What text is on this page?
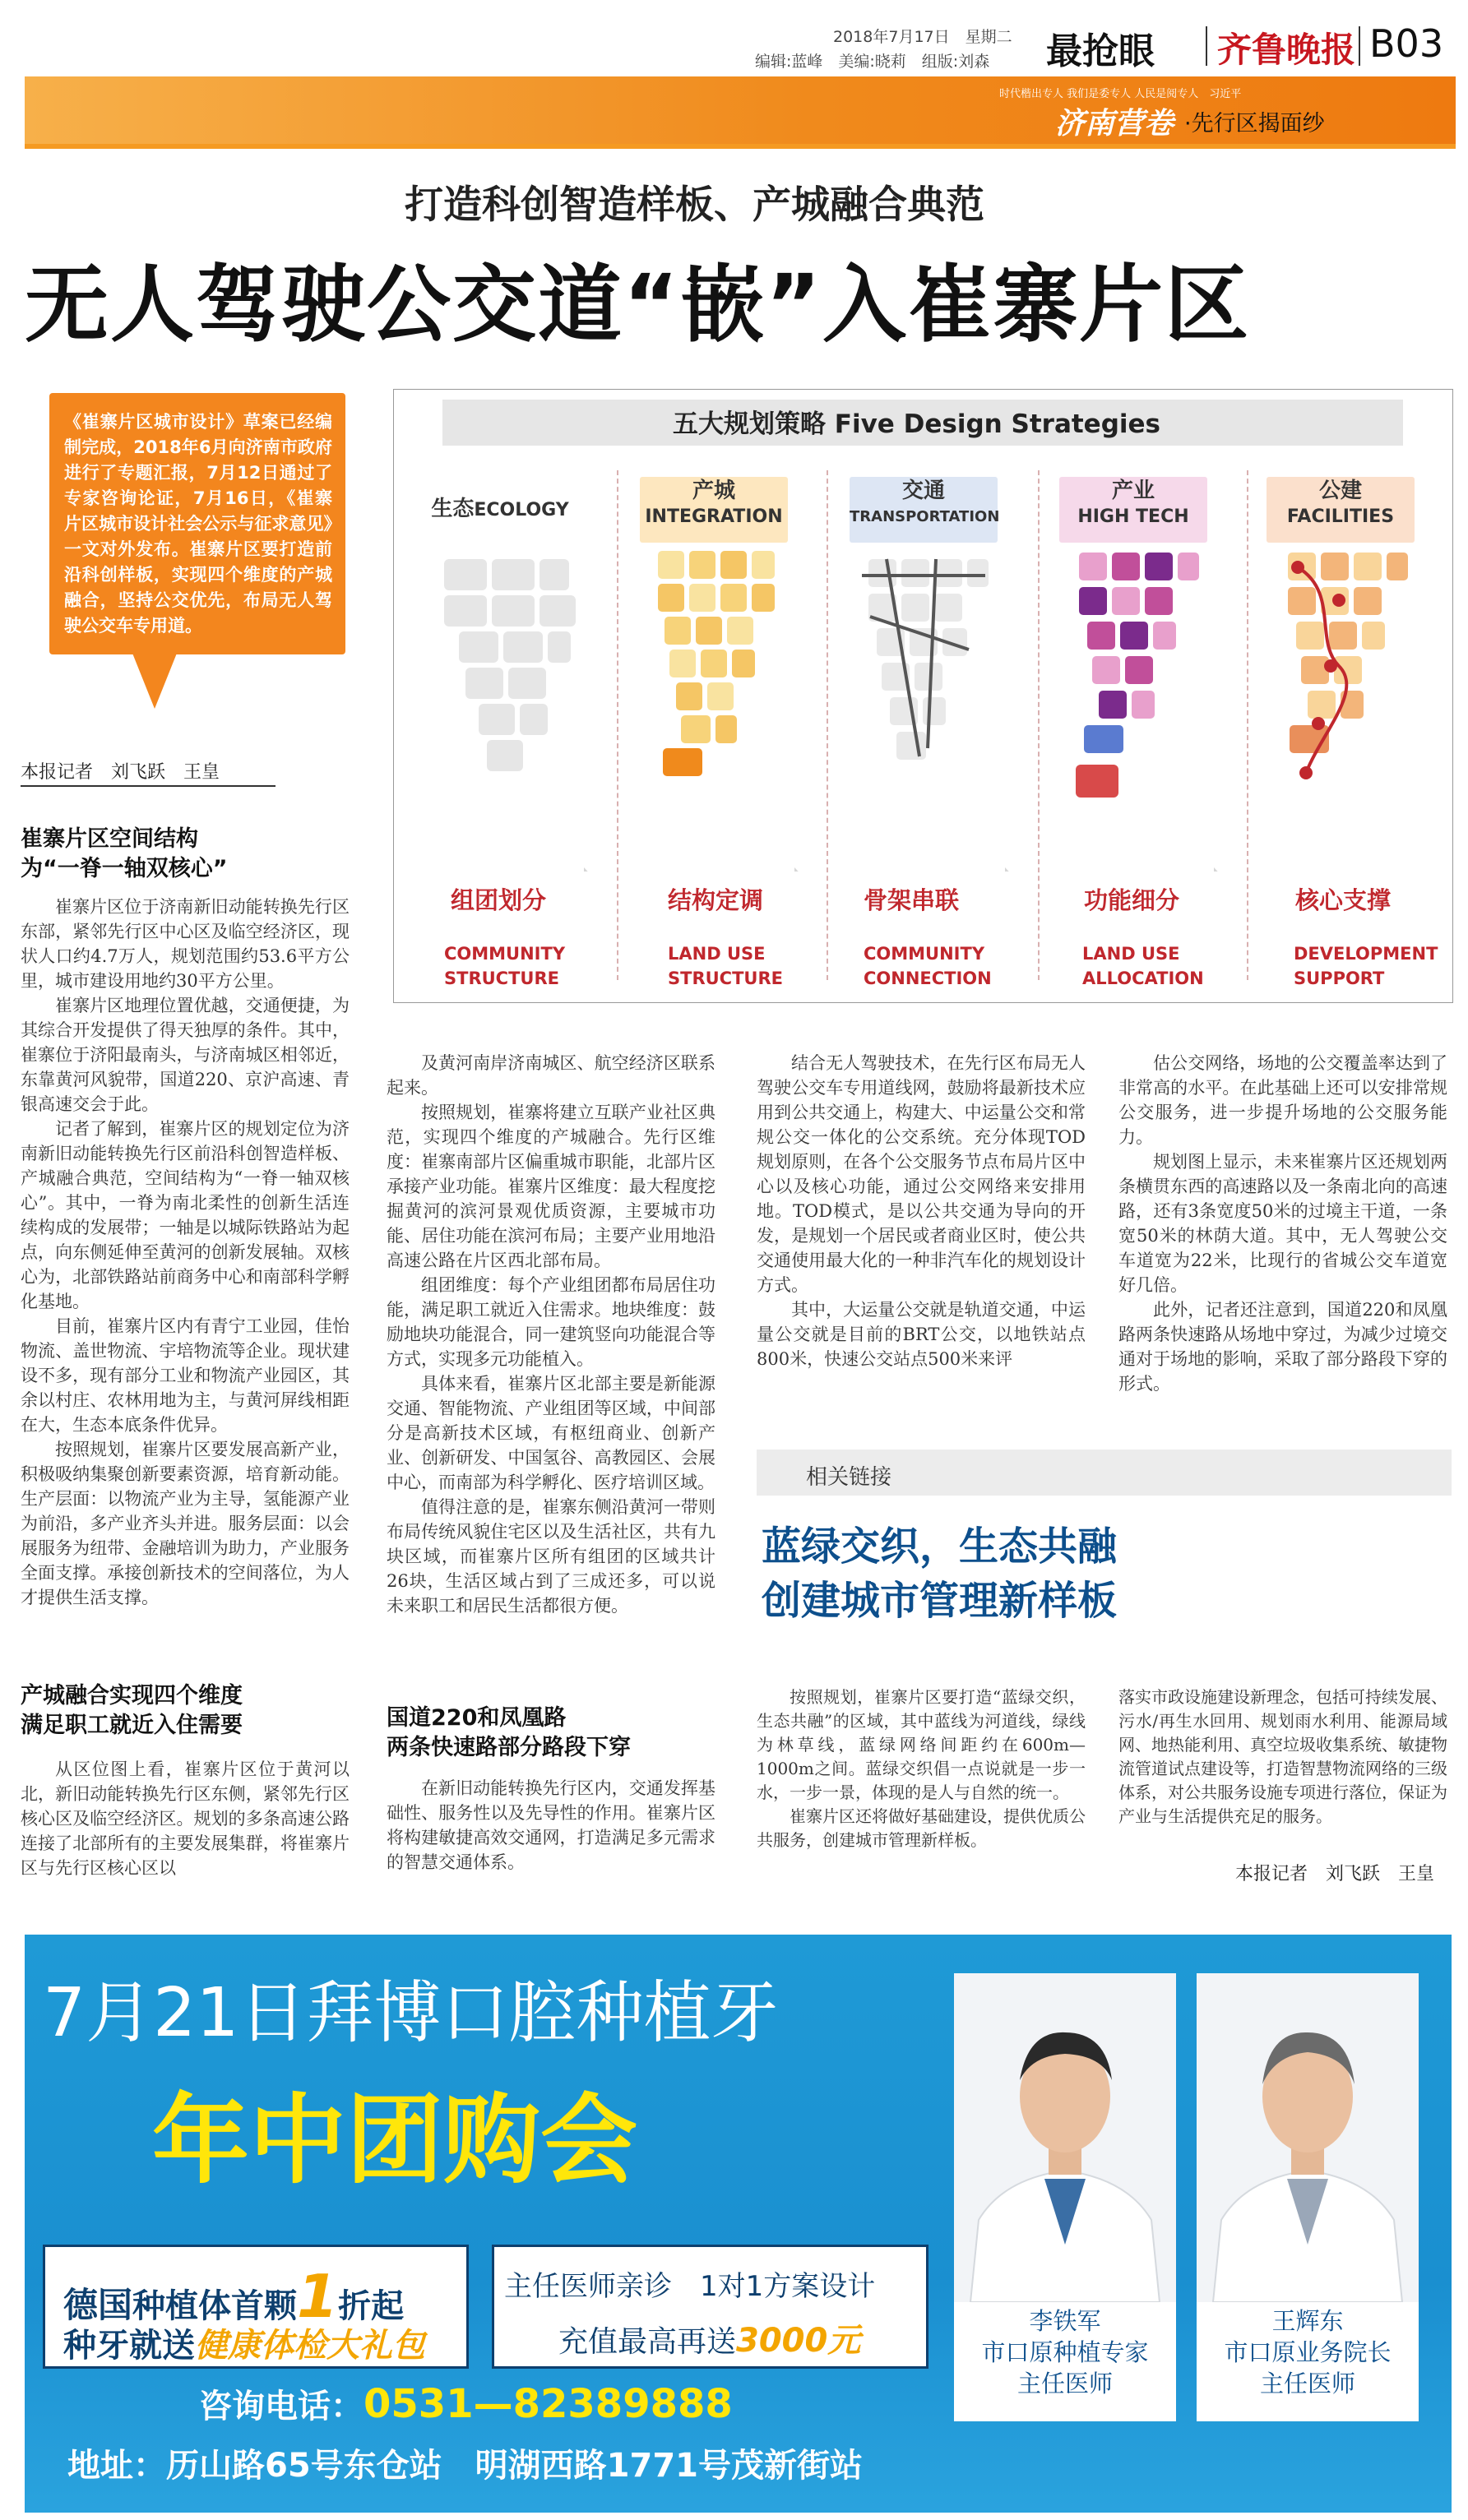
2018年7月17日　星期二
编辑:蓝峰　美编:晓莉　组版:刘森 最抢眼 齐鲁晚报 B03
时代楷出专人 我们是委专人 人民是阅专人　习近平
济南营卷 ·先行区揭面纱
打造科创智造样板、产城融合典范
无人驾驶公交道“嵌”入崔寨片区
《崔寨片区城市设计》草案已经编制完成，2018年6月向济南市政府进行了专题汇报，7月12日通过了专家咨询论证，7月16日，《崔寨片区城市设计社会公示与征求意见》一文对外发布。崔寨片区要打造前沿科创样板，实现四个维度的产城融合，坚持公交优先，布局无人驾驶公交车专用道。
五大规划策略 Five Design Strategies
生态ECOLOGY
产城
INTEGRATION
交通
TRANSPORTATION
产业
HIGH TECH
公建
FACILITIES
组团划分	结构定调	骨架串联	功能细分	核心支撑
COMMUNITY STRUCTURE
LAND USE STRUCTURE
COMMUNITY CONNECTION
LAND USE ALLOCATION
DEVELOPMENT SUPPORT
本报记者　刘飞跃　王皇
崔寨片区空间结构
为“一脊一轴双核心”

崔寨片区位于济南新旧动能转换先行区东部，紧邻先行区中心区及临空经济区，现状人口约4.7万人，规划范围约53.6平方公里，城市建设用地约30平方公里。

崔寨片区地理位置优越，交通便捷，为其综合开发提供了得天独厚的条件。其中，崔寨位于济阳最南头，与济南城区相邻近，东靠黄河风貌带，国道220、京沪高速、青银高速交会于此。

记者了解到，崔寨片区的规划定位为济南新旧动能转换先行区前沿科创智造样板、产城融合典范，空间结构为“一脊一轴双核心”。其中，一脊为南北柔性的创新生活连续构成的发展带；一轴是以城际铁路站为起点，向东侧延伸至黄河的创新发展轴。双核心为，北部铁路站前商务中心和南部科学孵化基地。

目前，崔寨片区内有青宁工业园，佳怡物流、盖世物流、宇培物流等企业。现状建设不多，现有部分工业和物流产业园区，其余以村庄、农林用地为主，与黄河屏线相距在大，生态本底条件优异。

按照规划，崔寨片区要发展高新产业，积极吸纳集聚创新要素资源，培育新动能。生产层面：以物流产业为主导，氢能源产业为前沿，多产业齐头并进。服务层面：以会展服务为纽带、金融培训为助力，产业服务全面支撑。承接创新技术的空间落位，为人才提供生活支撑。

产城融合实现四个维度
满足职工就近入住需要

从区位图上看，崔寨片区位于黄河以北，新旧动能转换先行区东侧，紧邻先行区核心区及临空经济区。规划的多条高速公路连接了北部所有的主要发展集群，将崔寨片区与先行区核心区以

及黄河南岸济南城区、航空经济区联系起来。

按照规划，崔寨将建立互联产业社区典范，实现四个维度的产城融合。先行区维度：崔寨南部片区偏重城市职能，北部片区承接产业功能。崔寨片区维度：最大程度挖掘黄河的滨河景观优质资源，主要城市功能、居住功能在滨河布局；主要产业用地沿高速公路在片区西北部布局。

组团维度：每个产业组团都布局居住功能，满足职工就近入住需求。地块维度：鼓励地块功能混合，同一建筑竖向功能混合等方式，实现多元功能植入。

具体来看，崔寨片区北部主要是新能源交通、智能物流、产业组团等区域，中间部分是高新技术区域，有枢纽商业、创新产业、创新研发、中国氢谷、高教园区、会展中心，而南部为科学孵化、医疗培训区域。

值得注意的是，崔寨东侧沿黄河一带则布局传统风貌住宅区以及生活社区，共有九块区域，而崔寨片区所有组团的区域共计26块，生活区域占到了三成还多，可以说未来职工和居民生活都很方便。

国道220和凤凰路
两条快速路部分路段下穿

在新旧动能转换先行区内，交通发挥基础性、服务性以及先导性的作用。崔寨片区将构建敏捷高效交通网，打造满足多元需求的智慧交通体系。

结合无人驾驶技术，在先行区布局无人驾驶公交车专用道线网，鼓励将最新技术应用到公共交通上，构建大、中运量公交和常规公交一体化的公交系统。充分体现TOD规划原则，在各个公交服务节点布局片区中心以及核心功能，通过公交网络来安排用地。TOD模式，是以公共交通为导向的开发，是规划一个居民或者商业区时，使公共交通使用最大化的一种非汽车化的规划设计方式。

其中，大运量公交就是轨道交通，中运量公交就是目前的BRT公交，以地铁站点800米，快速公交站点500米来评

估公交网络，场地的公交覆盖率达到了非常高的水平。在此基础上还可以安排常规公交服务，进一步提升场地的公交服务能力。

规划图上显示，未来崔寨片区还规划两条横贯东西的高速路以及一条南北向的高速路，还有3条宽度50米的过境主干道，一条宽50米的林荫大道。其中，无人驾驶公交车道宽为22米，比现行的省城公交车道宽好几倍。

此外，记者还注意到，国道220和凤凰路两条快速路从场地中穿过，为减少过境交通对于场地的影响，采取了部分路段下穿的形式。

相关链接
蓝绿交织，生态共融
创建城市管理新样板

按照规划，崔寨片区要打造“蓝绿交织，生态共融”的区域，其中蓝线为河道线，绿线为林草线，蓝绿网络间距约在600m—1000m之间。蓝绿交织倡一点说就是一步一水，一步一景，体现的是人与自然的统一。

崔寨片区还将做好基础建设，提供优质公共服务，创建城市管理新样板。

落实市政设施建设新理念，包括可持续发展、污水/再生水回用、规划雨水利用、能源局域网、地热能利用、真空垃圾收集系统、敏捷物流管道试点建设等，打造智慧物流网络的三级体系，对公共服务设施专项进行落位，保证为产业与生活提供充足的服务。

本报记者　刘飞跃　王皇
7月21日拜博口腔种植牙
年中团购会
德国种植体首颗1折起
种牙就送健康体检大礼包
主任医师亲诊　1对1方案设计
充值最高再送3000元
咨询电话：0531—82389888
地址：历山路65号东仓站　明湖西路1771号茂新街站
李铁军
市口原种植专家
主任医师
王辉东
市口原业务院长
主任医师
